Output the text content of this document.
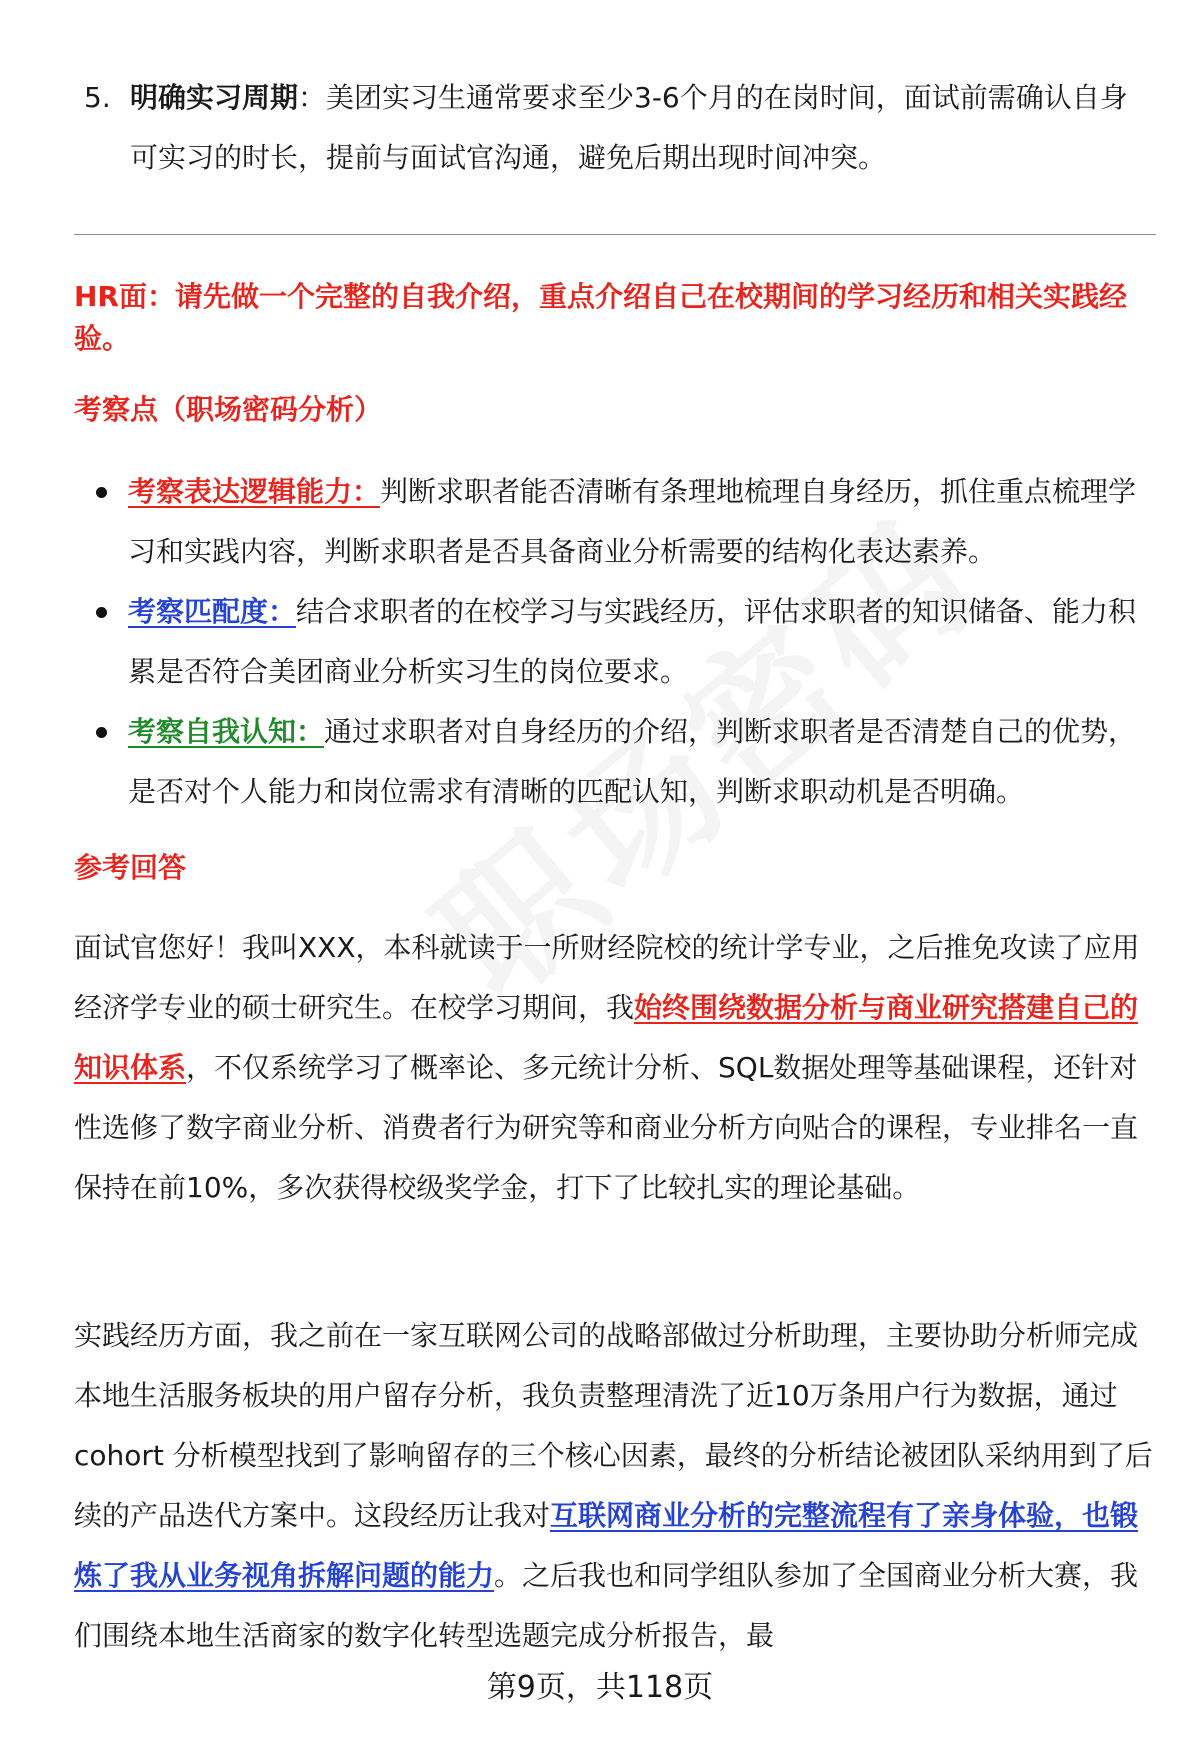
5. 明确实习周期：美团实习生通常要求至少3-6个月的在岗时间，面试前需确认自身可实习的时长，提前与面试官沟通，避免后期出现时间冲突。
HR面：请先做一个完整的自我介绍，重点介绍自己在校期间的学习经历和相关实践经验。
考察点（职场密码分析）
考察表达逻辑能力：判断求职者能否清晰有条理地梳理自身经历，抓住重点梳理学习和实践内容，判断求职者是否具备商业分析需要的结构化表达素养。
考察匹配度：结合求职者的在校学习与实践经历，评估求职者的知识储备、能力积累是否符合美团商业分析实习生的岗位要求。
考察自我认知：通过求职者对自身经历的介绍，判断求职者是否清楚自己的优势，是否对个人能力和岗位需求有清晰的匹配认知，判断求职动机是否明确。
参考回答
面试官您好！我叫XXX，本科就读于一所财经院校的统计学专业，之后推免攻读了应用经济学专业的硕士研究生。在校学习期间，我始终围绕数据分析与商业研究搭建自己的知识体系，不仅系统学习了概率论、多元统计分析、SQL数据处理等基础课程，还针对性选修了数字商业分析、消费者行为研究等和商业分析方向贴合的课程，专业排名一直保持在前10%，多次获得校级奖学金，打下了比较扎实的理论基础。
实践经历方面，我之前在一家互联网公司的战略部做过分析助理，主要协助分析师完成本地生活服务板块的用户留存分析，我负责整理清洗了近10万条用户行为数据，通过 cohort 分析模型找到了影响留存的三个核心因素，最终的分析结论被团队采纳用到了后续的产品迭代方案中。这段经历让我对互联网商业分析的完整流程有了亲身体验，也锻炼了我从业务视角拆解问题的能力。之后我也和同学组队参加了全国商业分析大赛，我们围绕本地生活商家的数字化转型选题完成分析报告，最
第9页，共118页
